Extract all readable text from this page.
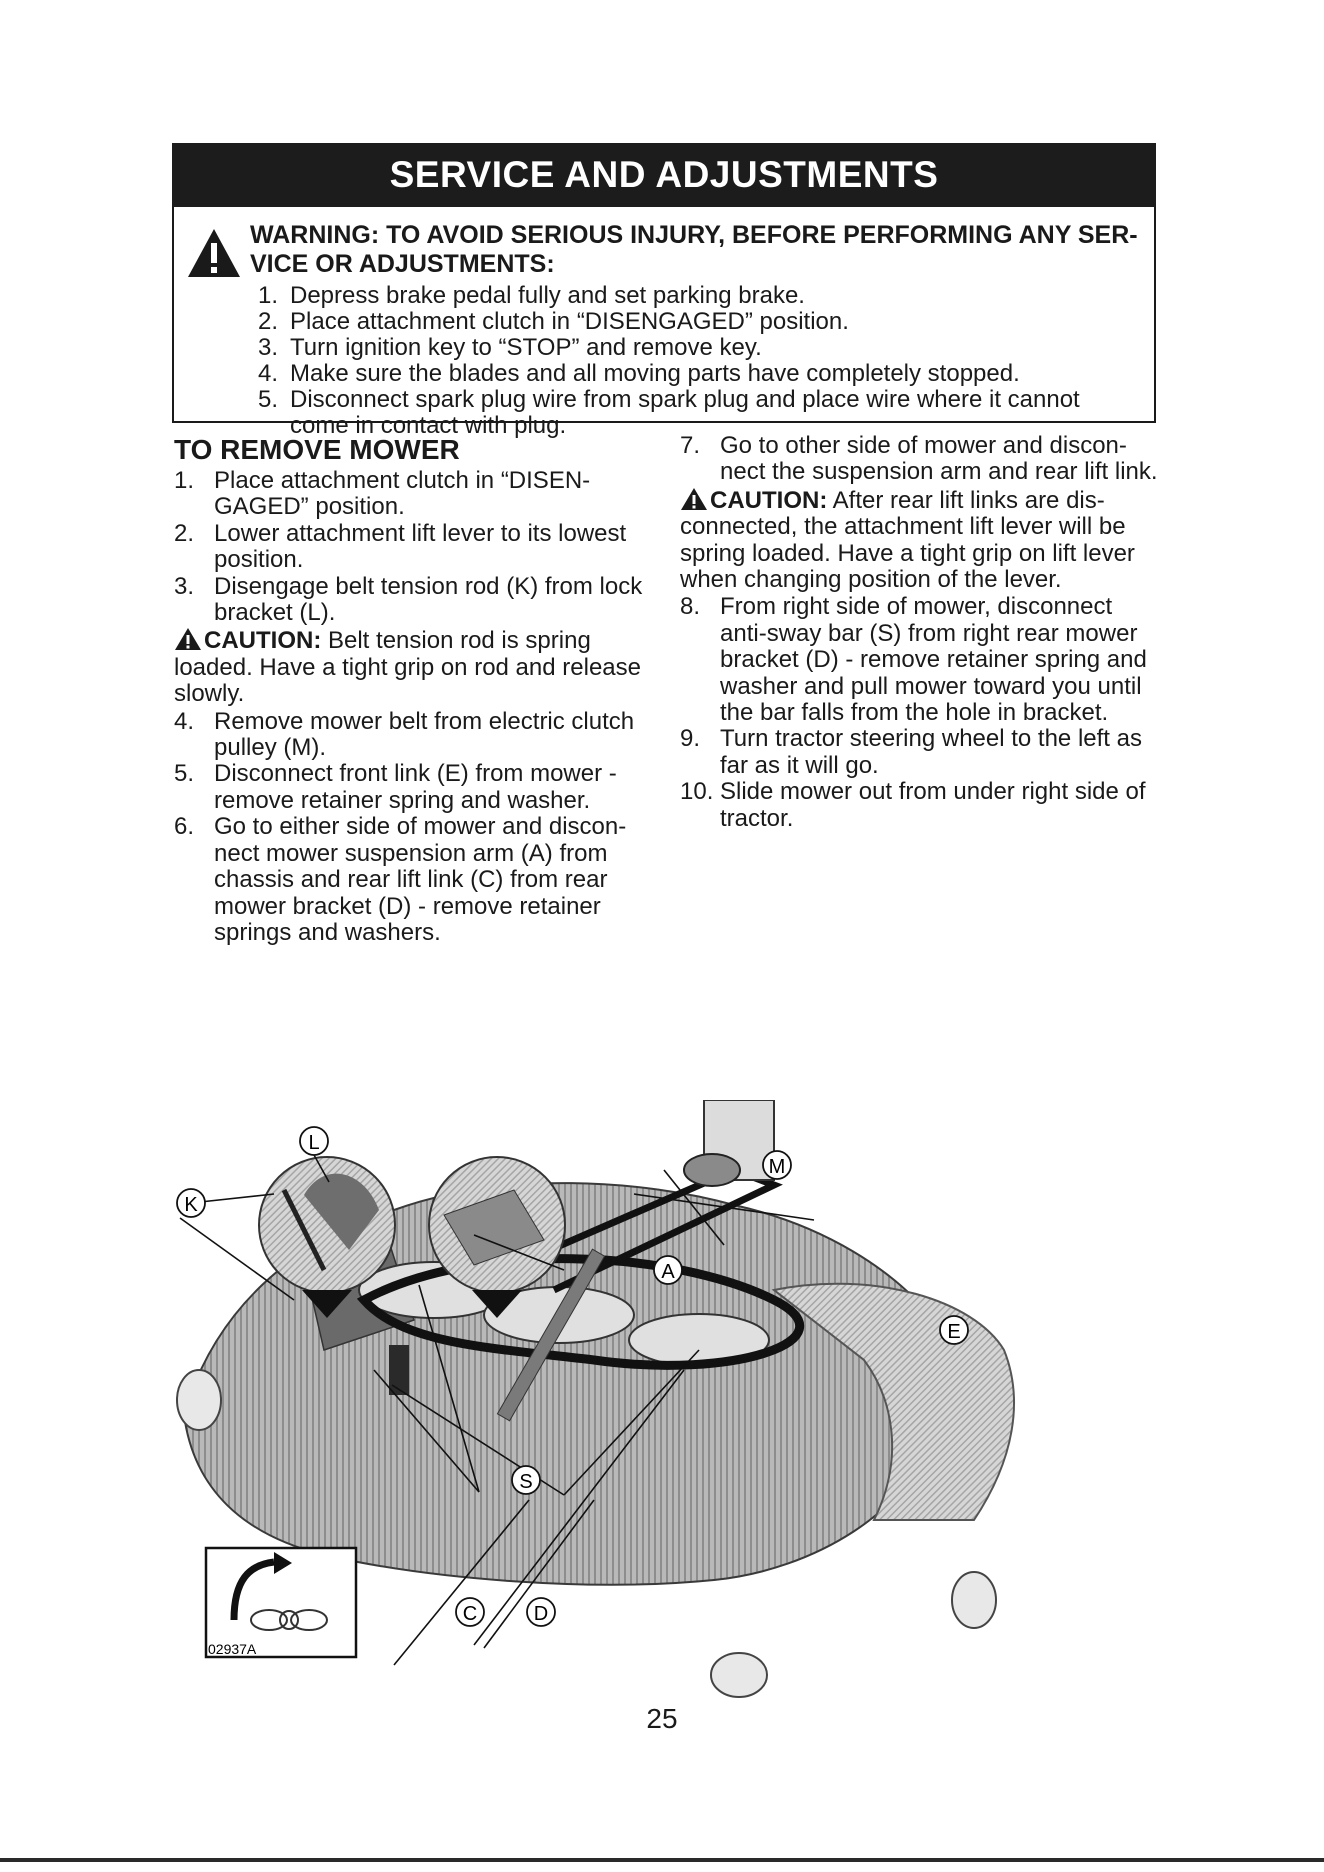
SERVICE AND ADJUSTMENTS
WARNING: TO AVOID SERIOUS INJURY, BEFORE PERFORMING ANY SER-VICE OR ADJUSTMENTS:
1. Depress brake pedal fully and set parking brake.
2. Place attachment clutch in “DISENGAGED” position.
3. Turn ignition key to “STOP” and remove key.
4. Make sure the blades and all moving parts have completely stopped.
5. Disconnect spark plug wire from spark plug and place wire where it cannot come in contact with plug.
TO REMOVE MOWER
1. Place attachment clutch in “DISEN-GAGED” position.
2. Lower attachment lift lever to its lowest position.
3. Disengage belt tension rod (K) from lock bracket (L).
CAUTION: Belt tension rod is spring loaded. Have a tight grip on rod and release slowly.
4. Remove mower belt from electric clutch pulley (M).
5. Disconnect front link (E) from mower - remove retainer spring and washer.
6. Go to either side of mower and discon-nect mower suspension arm (A) from chassis and rear lift link (C) from rear mower bracket (D) - remove retainer springs and washers.
7. Go to other side of mower and discon-nect the suspension arm and rear lift link.
CAUTION: After rear lift links are dis-connected, the attachment lift lever will be spring loaded. Have a tight grip on lift lever when changing position of the lever.
8. From right side of mower, disconnect anti-sway bar (S) from right rear mower bracket (D) - remove retainer spring and washer and pull mower toward you until the bar falls from the hole in bracket.
9. Turn tractor steering wheel to the left as far as it will go.
10. Slide mower out from under right side of tractor.
K
L
M
A
E
S
C	D
02937A
25
